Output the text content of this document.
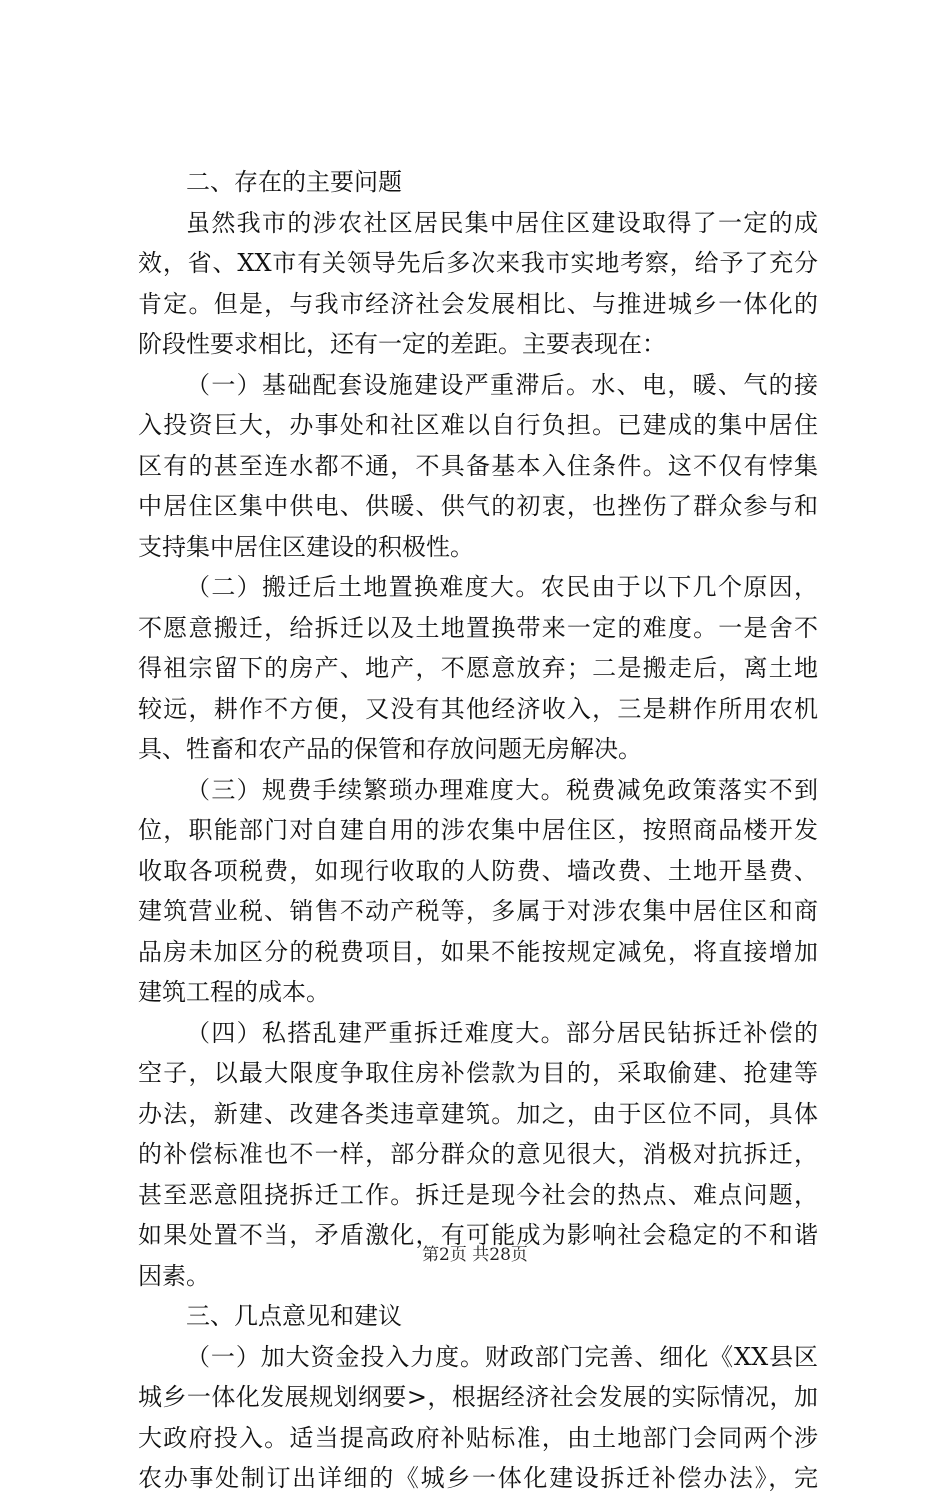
二、存在的主要问题
虽然我市的涉农社区居民集中居住区建设取得了一定的成
效，省、XX市有关领导先后多次来我市实地考察，给予了充分
肯定。但是，与我市经济社会发展相比、与推进城乡一体化的
阶段性要求相比，还有一定的差距。主要表现在：
（一）基础配套设施建设严重滞后。水、电，暖、气的接
入投资巨大，办事处和社区难以自行负担。已建成的集中居住
区有的甚至连水都不通，不具备基本入住条件。这不仅有悖集
中居住区集中供电、供暖、供气的初衷，也挫伤了群众参与和
支持集中居住区建设的积极性。
（二）搬迁后土地置换难度大。农民由于以下几个原因，
不愿意搬迁，给拆迁以及土地置换带来一定的难度。一是舍不
得祖宗留下的房产、地产，不愿意放弃；二是搬走后，离土地
较远，耕作不方便，又没有其他经济收入，三是耕作所用农机
具、牲畜和农产品的保管和存放问题无房解决。
（三）规费手续繁琐办理难度大。税费减免政策落实不到
位，职能部门对自建自用的涉农集中居住区，按照商品楼开发
收取各项税费，如现行收取的人防费、墙改费、土地开垦费、
建筑营业税、销售不动产税等，多属于对涉农集中居住区和商
品房未加区分的税费项目，如果不能按规定减免，将直接增加
建筑工程的成本。
（四）私搭乱建严重拆迁难度大。部分居民钻拆迁补偿的
空子，以最大限度争取住房补偿款为目的，采取偷建、抢建等
办法，新建、改建各类违章建筑。加之，由于区位不同，具体
的补偿标准也不一样，部分群众的意见很大，消极对抗拆迁，
甚至恶意阻挠拆迁工作。拆迁是现今社会的热点、难点问题，
如果处置不当，矛盾激化，有可能成为影响社会稳定的不和谐
因素。
三、几点意见和建议
（一）加大资金投入力度。财政部门完善、细化《XX县区
城乡一体化发展规划纲要>，根据经济社会发展的实际情况，加
大政府投入。适当提高政府补贴标准，由土地部门会同两个涉
农办事处制订出详细的《城乡一体化建设拆迁补偿办法》，完
第2页 共28页
